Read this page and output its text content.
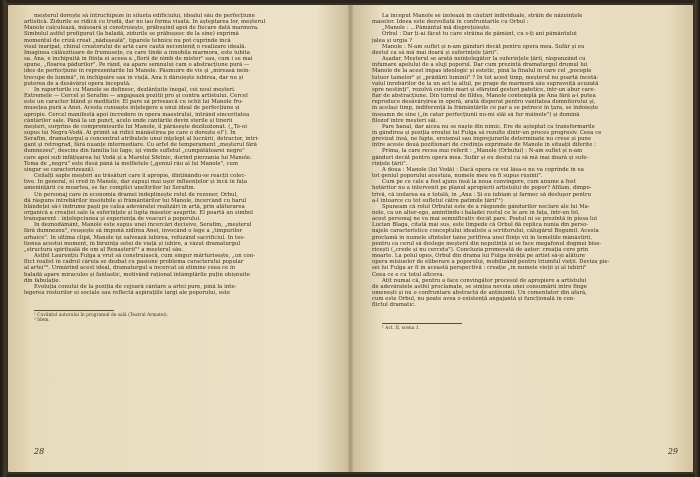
meșterul dorește să întruchipeze în silueta edificiului, idealul său de perfecțiune
artistică. Zidurile se ridică cu trudă, dar nu iau forma visată. În așteptarea lor, meșterul
Manole calculează, măsoară și construiește, prăbușind apoi de fiecare dată marmora.
Simbolul astfel prefigurat (la baladă, zidurile se prăbușesc de la sine) exprimă
momentul de criză creat „nădușeală", tiparele tehnice nu pot cuprinde încă
visul înaripat, chinul creatorului de artă care caută neconteniț o realizare ideală.
Imaginea călăuzitoare de frumusețe, cu care tinde a înnobila marmora, este iubita
sa. Ana, e închipuită în ființa ei aceea a „florii de nimb de mister" sau, cum i se mai
spune, „floarea pădurilor". Pe rând, ea apare semnului cam o abstracțiune pură —
idee de perfecțiune în reprezentarile lui Manole. Păsmuire de vis și „mireasă neîn-
trecupe de lumină", în închipuire sau în viață. Ana îi dăruiește iubirea, dar nu și
puterea de a desăvârși opera începută.
În raporturile cu Manole se definesc, dezlănțuite inegal, cei noui meșteri.
Extremele — Cercel și Serafim — angajează pozitii pro și contra artistului. Cercel
este un caracter blând și meditativ. El pare să privească cu ochii lui Manole fru-
musețea pură a Anei. Acesta cunoaște înțelegere a unui ideal de perfecțiune și
apropie. Cercel manifestă apoi încredere în opera maestrului, întrând sinceritatea
cântărilor sale. Până la un punct, acelo unde cântările devin sterile și tinerii
meșteri, surprins de compromisurile lui Manole, il părăsește deziluzionat. (,,Te-oi
supus lui Negru-Vodă. Ai primit să ridici mânăstirea pe care o dorește el"). În
Serafim, dramaturgul a concentrat atributele unui înțelept al lucrării, detractor, intri-
gant și retrograd, fără nuanțe intermediare. Cu arfel de temperament „meșterul fără
dumnezeu", descins din familia lui Iago, își vinde sufletul „cumpătătoarei negre"
care apoi sub înfățișarea lui Vodă și a Marelui Sfetnic, dorind pierzania lui Manole.
Tema de „negru" este dusă până la melfietele („geniul rău al lui Manole", cum
singur se caracterizează).
Ceilalți sapte meșteri au trăsături care îi apropie, dinținându-se reacții colec-
tive. În general, ei cred în Manole, dar supuși mai ușor influențelor și încă în fața
amenințării cu moartea, se fac complici uneltirilor lui Serafim.
Un personaj care în economia dramei îndeplinește rolul de rezoner, Orbul,
dă răspuns întrebărilor insolubile și frământărilor lui Manole, încercând cu harul
blândeței să-i îndrume pașii pe calea adevăratei realizări în artă, prin alăturarea
organică a creației sale la suferințele și lupta maselor asuprite. El poartă un simbol
transparent : înțelepciunea și experiența de veacuri a poporului.
În deznodământ, Manole este supus unei încercări decisive, Serafim, „meșterul
fără dumnezeu", reușește să impună zidirea Anei, invocând o lege a „timpurilor
arhaice". În ultima clipă, Manole își salvează iubirea, refuzând sacrificiul. În tes-
tionea acestui moment, în biruința setei de viață și iubire, a văzut dramaturgul
„structura spirituală de om al Renașterii"¹ a meșterul său.
Astfel Laurențiu Fulga a vrut să construiască, cum singur mărturisește, „un con-
flict realist în cadrul căruia se dezbat cu pasiune problema caracterului popular
al artei"². Urmărind acest ideal, dramaturgul a încercat să elimine ceea ce în
baladă apare miraculos și fantastic, motivând rațional întâmplările puțin obișnuite
din fabulație.
Evoluția conului de la poziția de cejoară cântare a artei pure, pină la inte-
legerea rosturilor ei sociale sau reflectă aspirațiile largi ale poporului, este
¹ Cuvântul autorului în programul de sală (Teatrul Armatei).
² Idem.
28
La început Manole se izolează în căutări individuale, străin de năzuințele
maselor. Ideea este dezvoltată în confruntarile cu Orbul :
„Manole : ...Pământul mă disprețuiește.
Orbul : Dar ți-ai făcut tu care străina de pământ, cu s-ți ani pământului
jalea și urgia ?
Manole : N-am suflet și n-am gânduri decât pentru opera mea. Sufăr și eu
destul ca să mă mai doară și suferințele țării".
Așadar, Meșterul se arată neînțelegător la suferințele țării, răspunzând cu
înfumare apelului de a sluji poporul. Dar cum prezintă dramaturgul drumul lui
Manole de la acest impas ideologic și estetic, pină la finalul în care cel „poceple
tutuor tainelor" și „prădării luminii" ? În tot acest timp, meșterul nu poartă încetă-
valul înrebârilor de la un act la altul, pe prage de marmoră său supravoiță acuzată
spre nestinți", rezolvă cuvinte mari și sfârșind gesturi patetice, într-un abur care-
fiar de abstracțiune. Din turnul de fildeș, Manole contemplă pe Ana fără a-i putea
reproduce desăvârșirea în operă, arată disperat pentru vanitatea domnitorului și,
în același timp, indiferență la frământările ce par a se petrece în țara, se îndoiește
înseamn de sine („în catar perfecțiunii nu-mi slăi să fur mâinele") și domină
filozof între meșteri săi.
Pare banal, dar aicea nu se naște din nimic. Ere de așteptat ca transformarile
în gândirea și poziția eroului lui Fulga să rezulte dintr-un proces progresiv. Ceea ce
previzat însă, ne fapte, eroismul sau împrejurarile determinate nu crese și pune
între acesie două pozitionari de credința exprimate de Manole în situații diferite :
Prima, la care recea mai referit : „Manole (Orbului) : N-am suflet și n-am
gânduri decât pentru opera mea. Sufăr și eu destul ca să mă mai doară și sufe-
rințele țării".
A doua : Manole (lui Vodă) : Dacă opera ce voi lăsa-o nu va coprinde în ea
tot geniul poporului acestuia, numele meu va fi supus rușinii".
Cum pe ce cale a fost ajuns însă la noua convingere, cum anume a fost
hotăritor nu a intervenit pe planul apropierii artistului de popor? Afilam, dimpo-
trivă, că izolarea sa e totală, în „Ana : Și eu iubiam și farmec să deslușor pentru
a-l întoarce cu tot sufletul către patimile țării"¹)
Spuneam că rolul Orbului este de a răspunde gândurilor neclare ale lui Ma-
nole, ca un alter-ego, amintindu-i baladei rostul ce le are în fața, într-un fel,
acest personaj ne va mai semnificativ decât pare. Poetul ni se prezintă în piesa lui
Lucian Blaga, citată mai sus, este limpede că Orbul dă replica nunia din perso-
najele caracteristice conceptului idealiste a scriitorului, călugărul Bogumil. Acesta
proclamă în numele sfintelor taine jertfirea unei ființe vii în temeliile mânăstirii,
pentru ca cerul să deslege meșterii din neputință și se face megafonul dogmei bise-
ricești („crede și nu cerceta"). Concluzia promovată de autor: creația cere prin
moarte. La polul opus, Orbul din drama lui Fulga învăță pe artist să-și alăture
opera misiuelor de eliberare a poporului, mobilizând pentru triumful vieții. Deviza pie-
sei lui Fulga ar fi în această perspectivă : creație „în numele vieții și al iubirii"
Ceea ce e cu totul altceva.
Atît numai că, pentru a face convingător procesul de apropiere a artistului
de adevăratele astfel proclamate, se simțea nevoia unei consumării intre finge
omenești și nu o confruntare abstractă de antinomii. Un comentator din afară,
cum este Orbul, nu poate avea o existență angajantă și funcțională în con-
flictul dramatic.
¹ Act. II, scena 1.
29
